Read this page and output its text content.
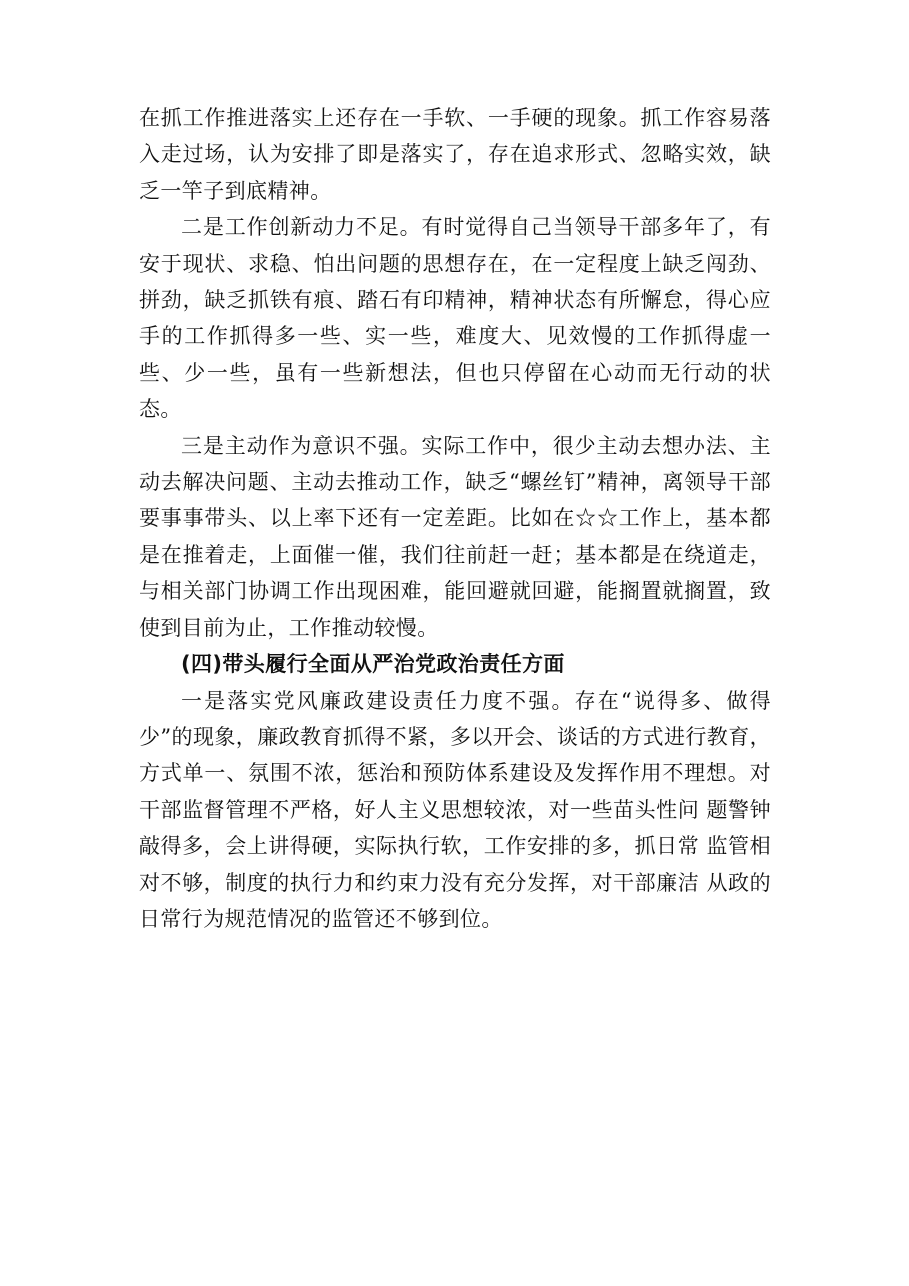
在抓工作推进落实上还存在一手软、一手硬的现象。抓工作容易落入走过场，认为安排了即是落实了，存在追求形式、忽略实效，缺乏一竿子到底精神。

二是工作创新动力不足。有时觉得自己当领导干部多年了，有安于现状、求稳、怕出问题的思想存在，在一定程度上缺乏闯劲、拼劲，缺乏抓铁有痕、踏石有印精神，精神状态有所懈怠，得心应手的工作抓得多一些、实一些，难度大、见效慢的工作抓得虚一些、少一些，虽有一些新想法，但也只停留在心动而无行动的状态。

三是主动作为意识不强。实际工作中，很少主动去想办法、主动去解决问题、主动去推动工作，缺乏“螺丝钉”精神，离领导干部要事事带头、以上率下还有一定差距。比如在☆☆工作上，基本都是在推着走，上面催一催，我们往前赶一赶；基本都是在绕道走，与相关部门协调工作出现困难，能回避就回避，能搁置就搁置，致使到目前为止，工作推动较慢。

(四)带头履行全面从严治党政治责任方面

一是落实党风廉政建设责任力度不强。存在“说得多、做得少”的现象，廉政教育抓得不紧，多以开会、谈话的方式进行教育，方式单一、氛围不浓，惩治和预防体系建设及发挥作用不理想。对干部监督管理不严格，好人主义思想较浓，对一些苗头性问 题警钟敲得多，会上讲得硬，实际执行软，工作安排的多，抓日常 监管相对不够，制度的执行力和约束力没有充分发挥，对干部廉洁 从政的日常行为规范情况的监管还不够到位。
